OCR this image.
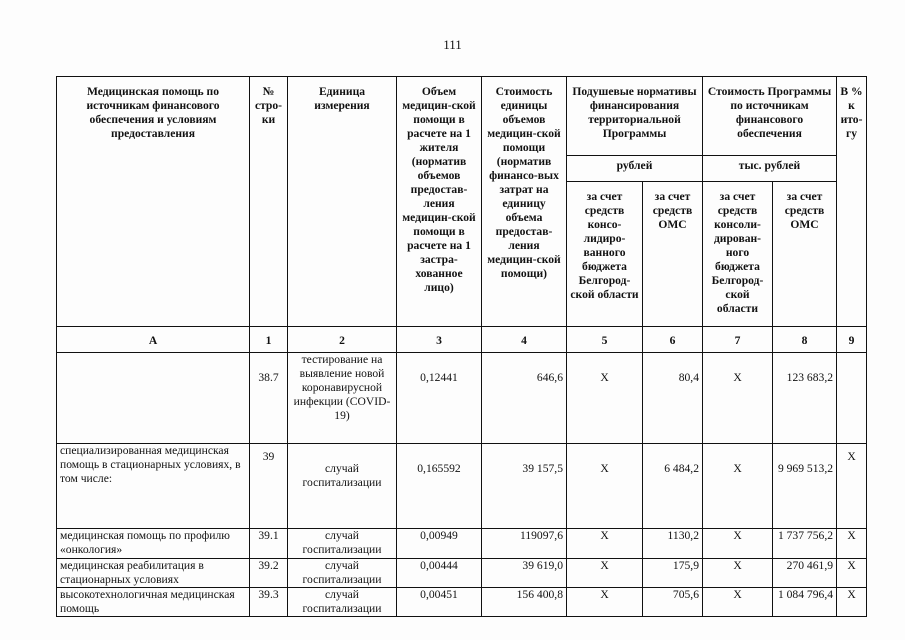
111
Медицинская помощь по источникам финансового обеспечения и условиям предоставления	№ стро-ки	Единица измерения	Объем медицин-ской помощи в расчете на 1 жителя (норматив объемов предостав-ления медицин-ской помощи в расчете на 1 застра-хованное лицо)	Стоимость единицы объемов медицин-ской помощи (норматив финансо-вых затрат на единицу объема предостав-ления медицин-ской помощи)	Подушевые нормативы финансирования территориальной Программы		Стоимость Программы по источникам финансового обеспечения		В % к ито-гу
					рублей		тыс. рублей		
					за счет средств консо-лидиро-ванного бюджета Белгород-ской области	за счет средств ОМС	за счет средств консоли-дирован-ного бюджета Белгород-ской области	за счет средств ОМС	
А	1	2	3	4	5	6	7	8	9
	38.7	тестирование на выявление новой коронавирусной инфекции (COVID-19)	0,12441	646,6	Х	80,4	Х	123 683,2	
специализированная медицинская помощь в стационарных условиях, в том числе:	39	случай госпитализации	0,165592	39 157,5	Х	6 484,2	Х	9 969 513,2	Х
медицинская помощь по профилю «онкология»	39.1	случай госпитализации	0,00949	119097,6	Х	1130,2	Х	1 737 756,2	Х
медицинская реабилитация в стационарных условиях	39.2	случай госпитализации	0,00444	39 619,0	Х	175,9	Х	270 461,9	Х
высокотехнологичная медицинская помощь	39.3	случай госпитализации	0,00451	156 400,8	Х	705,6	Х	1 084 796,4	Х
